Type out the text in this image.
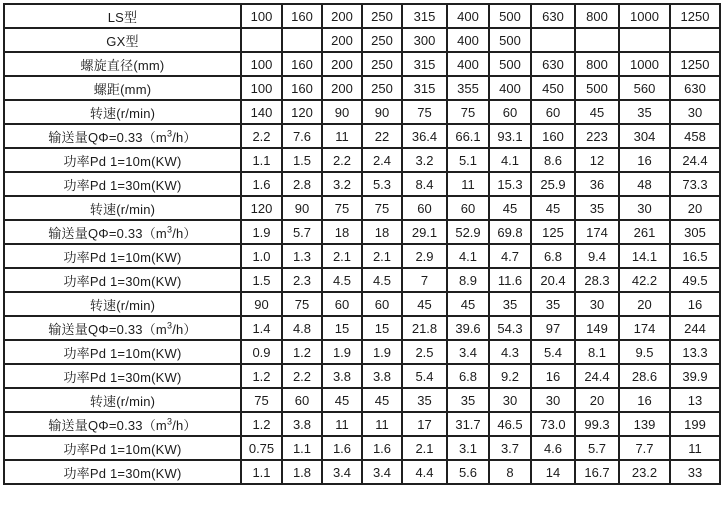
LS型	100	160	200	250	315	400	500	630	800	1000	1250
GX型			200	250	300	400	500				
螺旋直径(mm)	100	160	200	250	315	400	500	630	800	1000	1250
螺距(mm)	100	160	200	250	315	355	400	450	500	560	630
转速(r/min)	140	120	90	90	75	75	60	60	45	35	30
输送量$Q\Phi=0.33(m^3/h)$	2.2	7.6	11	22	36.4	66.1	93.1	160	223	304	458
功率Pd 1=10m(KW)	1.1	1.5	2.2	2.4	3.2	5.1	4.1	8.6	12	16	24.4
功率Pd 1=30m(KW)	1.6	2.8	3.2	5.3	8.4	11	15.3	25.9	36	48	73.3
转速(r/min)	120	90	75	75	60	60	45	45	35	30	20
输送量$Q\Phi=0.33(m^3/h)$	1.9	5.7	18	18	29.1	52.9	69.8	125	174	261	305
功率Pd 1=10m(KW)	1.0	1.3	2.1	2.1	2.9	4.1	4.7	6.8	9.4	14.1	16.5
功率Pd 1=30m(KW)	1.5	2.3	4.5	4.5	7	8.9	11.6	20.4	28.3	42.2	49.5
转速(r/min)	90	75	60	60	45	45	35	35	30	20	16
输送量$Q\Phi=0.33(m^3/h)$	1.4	4.8	15	15	21.8	39.6	54.3	97	149	174	244
功率Pd 1=10m(KW)	0.9	1.2	1.9	1.9	2.5	3.4	4.3	5.4	8.1	9.5	13.3
功率Pd 1=30m(KW)	1.2	2.2	3.8	3.8	5.4	6.8	9.2	16	24.4	28.6	39.9
转速(r/min)	75	60	45	45	35	35	30	30	20	16	13
输送量$Q\Phi=0.33(m^3/h)$	1.2	3.8	11	11	17	31.7	46.5	73.0	99.3	139	199
功率Pd 1=10m(KW)	0.75	1.1	1.6	1.6	2.1	3.1	3.7	4.6	5.7	7.7	11
功率Pd 1=30m(KW)	1.1	1.8	3.4	3.4	4.4	5.6	8	14	16.7	23.2	33
